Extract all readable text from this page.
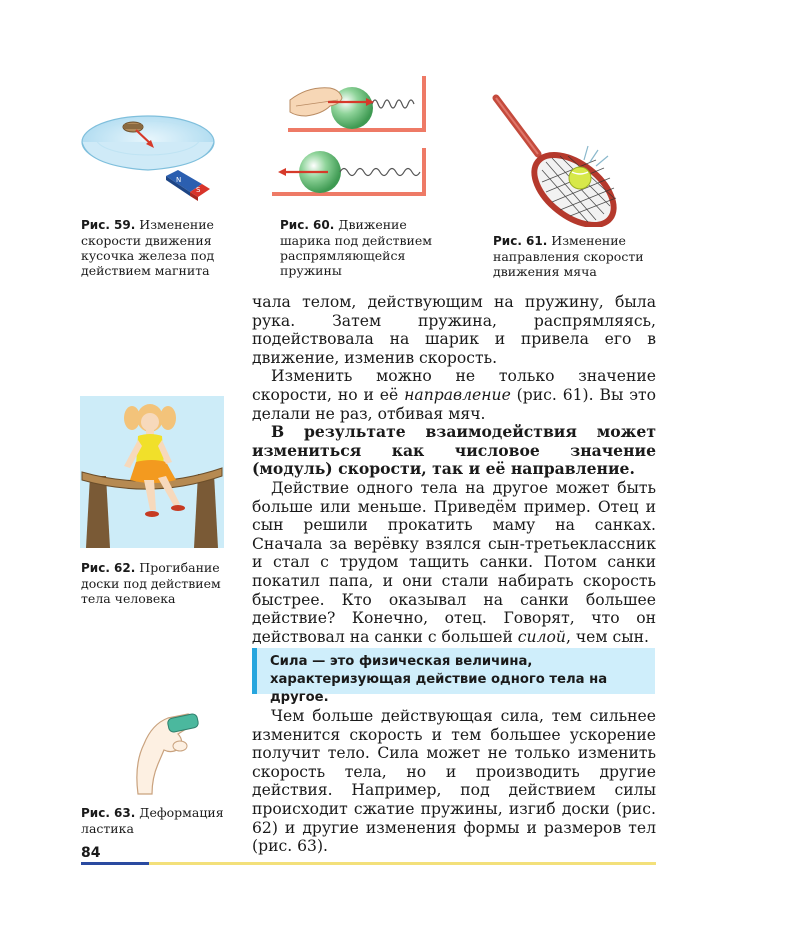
N
S
Рис. 59. Изменение
скорости движения
кусочка железа под
действием магнита
Рис. 60. Движение
шарика под действием
распрямляющейся
пружины
Рис. 61. Изменение
направления скорости
движения мяча
Рис. 62. Прогибание
доски под действием
тела человека
Рис. 63. Деформация
ластика

чала телом, действующим на пружину, была рука. Затем пружина, распрямляясь, подействовала на шарик и привела его в движение, изменив скорость.

Изменить можно не только значение скорости, но и её направление (рис. 61). Вы это делали не раз, отбивая мяч.

В результате взаимодействия может измениться как числовое значение (модуль) скорости, так и её направление.

Действие одного тела на другое может быть больше или меньше. Приведём пример. Отец и сын решили прокатить маму на санках. Сначала за верёвку взялся сын-третьеклассник и стал с трудом тащить санки. Потом санки покатил папа, и они стали набирать скорость быстрее. Кто оказывал на санки большее действие? Конечно, отец. Говорят, что он действовал на санки с большей силой, чем сын.

Сила — это физическая величина, характеризующая действие одного тела на другое.

Чем больше действующая сила, тем сильнее изменится скорость и тем большее ускорение получит тело. Сила может не только изменить скорость тела, но и производить другие действия. Например, под действием силы происходит сжатие пружины, изгиб доски (рис. 62) и другие изменения формы и размеров тел (рис. 63).

84
